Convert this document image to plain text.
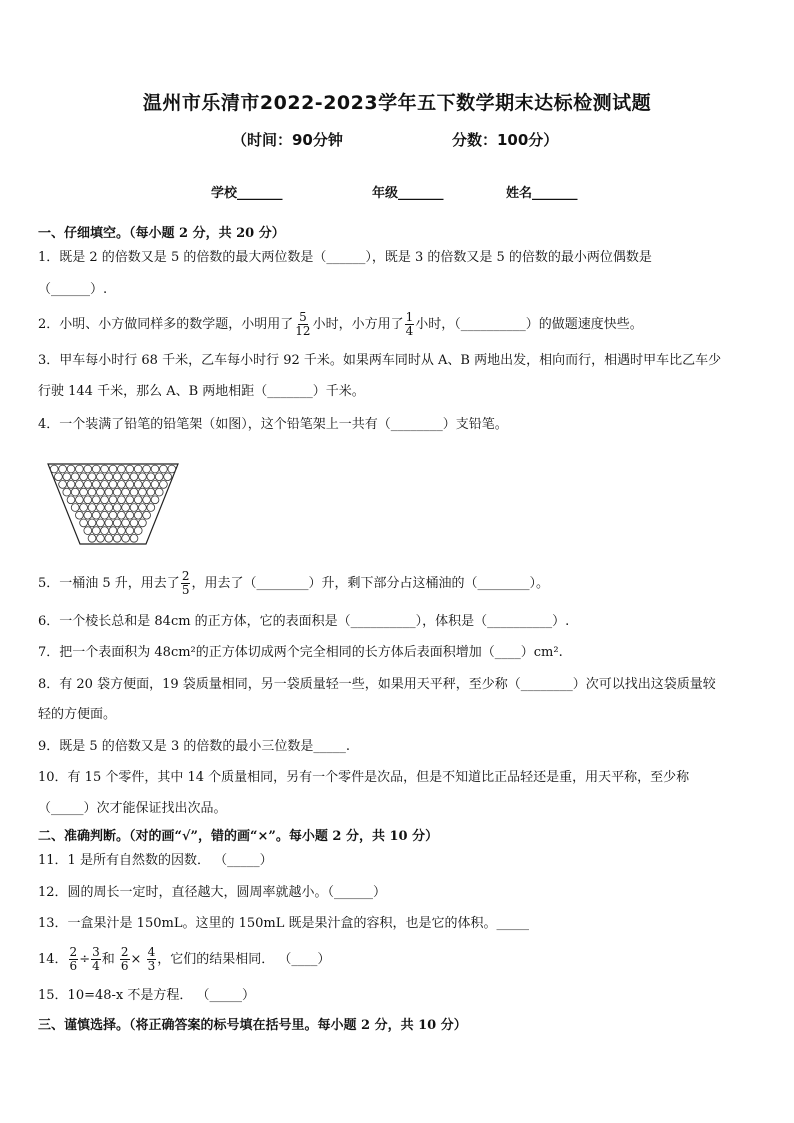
温州市乐清市2022-2023学年五下数学期末达标检测试题
（时间：90分钟	分数：100分）
学校_______	年级_______	姓名_______
一、仔细填空。（每小题 2 分，共 20 分）
1．既是 2 的倍数又是 5 的倍数的最大两位数是（______），既是 3 的倍数又是 5 的倍数的最小两位偶数是
（______）.
2．小明、小方做同样多的数学题，小明用了 $\frac{5}{12}$ 小时，小方用了 $\frac{1}{4}$ 小时，（__________）的做题速度快些。
3．甲车每小时行 68 千米，乙车每小时行 92 千米。如果两车同时从 A、B 两地出发，相向而行，相遇时甲车比乙车少
行驶 144 千米，那么 A、B 两地相距（_______）千米。
4．一个装满了铅笔的铅笔架（如图），这个铅笔架上一共有（________）支铅笔。
5．一桶油 5 升，用去了 $\frac{2}{5}$ ，用去了（________）升，剩下部分占这桶油的（________）。
6．一个棱长总和是 84cm 的正方体，它的表面积是（__________），体积是（__________）.
7．把一个表面积为 48cm²的正方体切成两个完全相同的长方体后表面积增加（____）cm².
8．有 20 袋方便面，19 袋质量相同，另一袋质量轻一些，如果用天平秤，至少称（________）次可以找出这袋质量较
轻的方便面。
9．既是 5 的倍数又是 3 的倍数的最小三位数是_____.
10．有 15 个零件，其中 14 个质量相同，另有一个零件是次品，但是不知道比正品轻还是重，用天平称，至少称
（_____）次才能保证找出次品。
二、准确判断。（对的画“√”，错的画“×”。每小题 2 分，共 10 分）
11．1 是所有自然数的因数． （_____）
12．圆的周长一定时，直径越大，圆周率就越小。（______）
13．一盒果汁是 150mL。这里的 150mL 既是果汁盒的容积，也是它的体积。_____
14． $\frac{2}{6} \div \frac{3}{4}$ 和 $\frac{2}{6} \times \frac{4}{3}$ ，它们的结果相同． （____）
15．10=48-x 不是方程． （_____）
三、谨慎选择。（将正确答案的标号填在括号里。每小题 2 分，共 10 分）
